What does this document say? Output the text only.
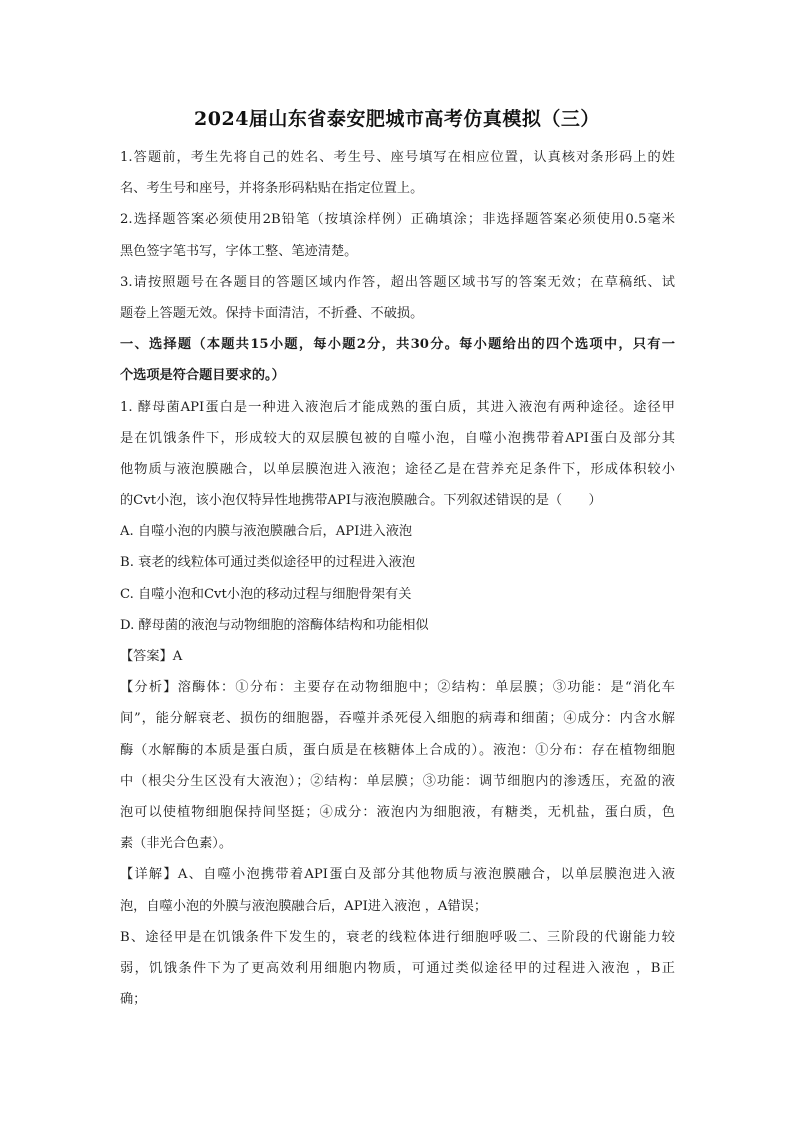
2024届山东省泰安肥城市高考仿真模拟（三）
1.答题前，考生先将自己的姓名、考生号、座号填写在相应位置，认真核对条形码上的姓
名、考生号和座号，并将条形码粘贴在指定位置上。
2.选择题答案必须使用2B铅笔（按填涂样例）正确填涂；非选择题答案必须使用0.5毫米
黑色签字笔书写，字体工整、笔迹清楚。
3.请按照题号在各题目的答题区域内作答，超出答题区域书写的答案无效；在草稿纸、试
题卷上答题无效。保持卡面清洁，不折叠、不破损。
一、选择题（本题共15小题，每小题2分，共30分。每小题给出的四个选项中，只有一
个选项是符合题目要求的。）
1. 酵母菌API蛋白是一种进入液泡后才能成熟的蛋白质，其进入液泡有两种途径。途径甲
是在饥饿条件下，形成较大的双层膜包被的自噬小泡，自噬小泡携带着API蛋白及部分其
他物质与液泡膜融合，以单层膜泡进入液泡；途径乙是在营养充足条件下，形成体积较小
的Cvt小泡，该小泡仅特异性地携带API与液泡膜融合。下列叙述错误的是（　　）
A. 自噬小泡的内膜与液泡膜融合后，API进入液泡
B. 衰老的线粒体可通过类似途径甲的过程进入液泡
C. 自噬小泡和Cvt小泡的移动过程与细胞骨架有关
D. 酵母菌的液泡与动物细胞的溶酶体结构和功能相似
【答案】A
【分析】溶酶体：①分布：主要存在动物细胞中；②结构：单层膜；③功能：是“消化车
间”，能分解衰老、损伤的细胞器，吞噬并杀死侵入细胞的病毒和细菌；④成分：内含水解
酶（水解酶的本质是蛋白质，蛋白质是在核糖体上合成的）。液泡：①分布：存在植物细胞
中（根尖分生区没有大液泡）；②结构：单层膜；③功能：调节细胞内的渗透压，充盈的液
泡可以使植物细胞保持间坚挺；④成分：液泡内为细胞液，有糖类，无机盐，蛋白质，色
素（非光合色素）。
【详解】A、自噬小泡携带着API蛋白及部分其他物质与液泡膜融合，以单层膜泡进入液
泡，自噬小泡的外膜与液泡膜融合后，API进入液泡 ，A错误；
B、途径甲是在饥饿条件下发生的，衰老的线粒体进行细胞呼吸二、三阶段的代谢能力较
弱，饥饿条件下为了更高效利用细胞内物质，可通过类似途径甲的过程进入液泡 ，B正
确；
